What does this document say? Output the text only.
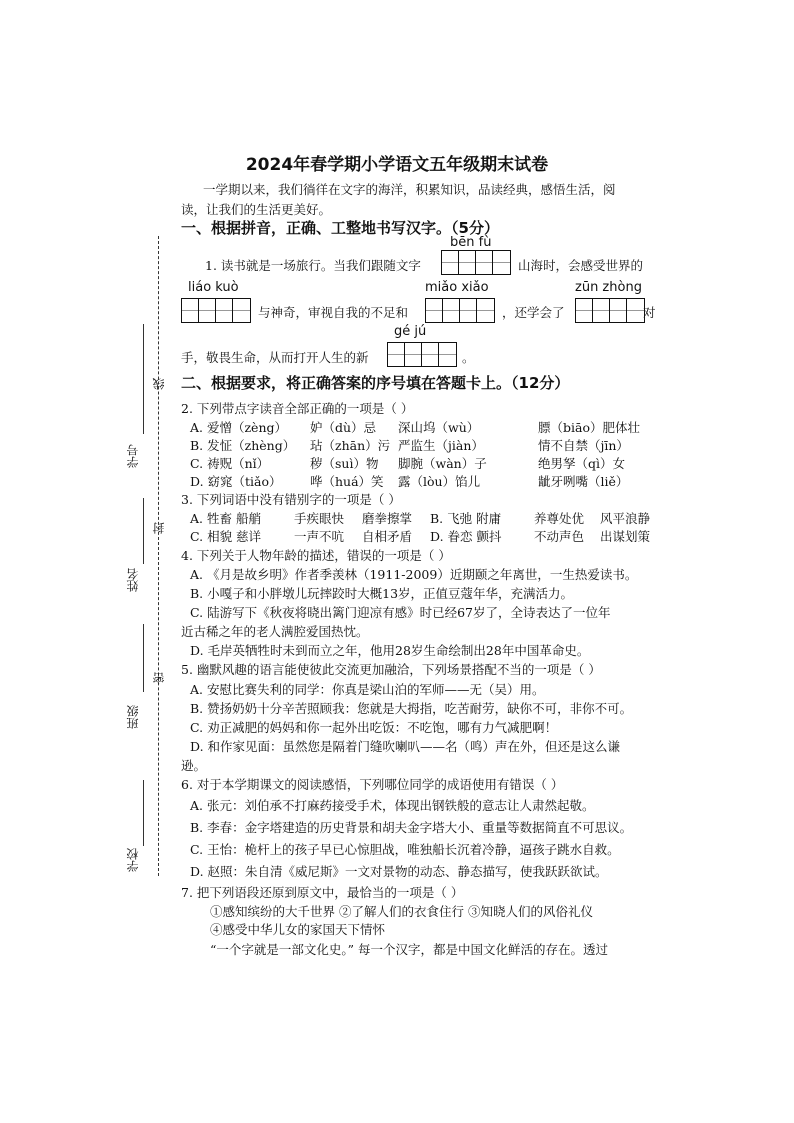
线
封
密
学号
姓名
班级
学校
2024年春学期小学语文五年级期末试卷
一学期以来，我们徜徉在文字的海洋，积累知识，品读经典，感悟生活，阅
读，让我们的生活更美好。
一、根据拼音，正确、工整地书写汉字。（5分）
bēn fù
1. 读书就是一场旅行。当我们跟随文字	山海时，会感受世界的
liáo kuò	miǎo xiǎo	zūn zhòng
与神奇，审视自我的不足和	，还学会了	对
gé jú
手，敬畏生命，从而打开人生的新	。
二、根据要求，将正确答案的序号填在答题卡上。（12分）
2. 下列带点字读音全部正确的一项是（ ）
A. 爱憎（zèng） 妒（dù）忌 深山坞（wù）	膘（biāo）肥体壮
B. 发怔（zhèng） 玷（zhān）污 严监生（jiàn）	情不自禁（jīn）
C. 祷贶（nǐ）	秽（suì）物 脚腕（wàn）子	绝男孥（qì）女
D. 窈窕（tiǎo） 哗（huá）笑 露（lòu）馅儿	龇牙咧嘴（liě）
3. 下列词语中没有错别字的一项是（ ）
A. 牲畜 船艄	手疾眼快 磨拳擦掌 B. 飞弛 附庸	养尊处优 风平浪静
C. 相貌 慈详	一声不吭 自相矛盾 D. 眷恋 颤抖	不动声色 出谋划策
4. 下列关于人物年龄的描述，错误的一项是（ ）
A. 《月是故乡明》作者季羡林（1911-2009）近期颐之年离世，一生热爱读书。
B. 小嘎子和小胖墩儿玩摔跤时大概13岁，正值豆蔻年华，充满活力。
C. 陆游写下《秋夜将晓出篱门迎凉有感》时已经67岁了，全诗表达了一位年
近古稀之年的老人满腔爱国热忱。
D. 毛岸英牺牲时未到而立之年，他用28岁生命绘制出28年中国革命史。
5. 幽默风趣的语言能使彼此交流更加融洽，下列场景搭配不当的一项是（ ）
A. 安慰比赛失利的同学：你真是梁山泊的军师——无（吴）用。
B. 赞扬奶奶十分辛苦照顾我：您就是大拇指，吃苦耐劳，缺你不可，非你不可。
C. 劝正减肥的妈妈和你一起外出吃饭：不吃饱，哪有力气减肥啊！
D. 和作家见面：虽然您是隔着门缝吹喇叭——名（鸣）声在外，但还是这么谦
逊。
6. 对于本学期课文的阅读感悟，下列哪位同学的成语使用有错误（ ）
A. 张元：刘伯承不打麻药接受手术，体现出钢铁般的意志让人肃然起敬。
B. 李春：金字塔建造的历史背景和胡夫金字塔大小、重量等数据简直不可思议。
C. 王怡：桅杆上的孩子早已心惊胆战，唯独船长沉着冷静，逼孩子跳水自救。
D. 赵照：朱自清《威尼斯》一文对景物的动态、静态描写，使我跃跃欲试。
7. 把下列语段还原到原文中，最恰当的一项是（ ）
①感知缤纷的大千世界 ②了解人们的衣食住行 ③知晓人们的风俗礼仪
④感受中华儿女的家国天下情怀
“一个字就是一部文化史。” 每一个汉字，都是中国文化鲜活的存在。透过
